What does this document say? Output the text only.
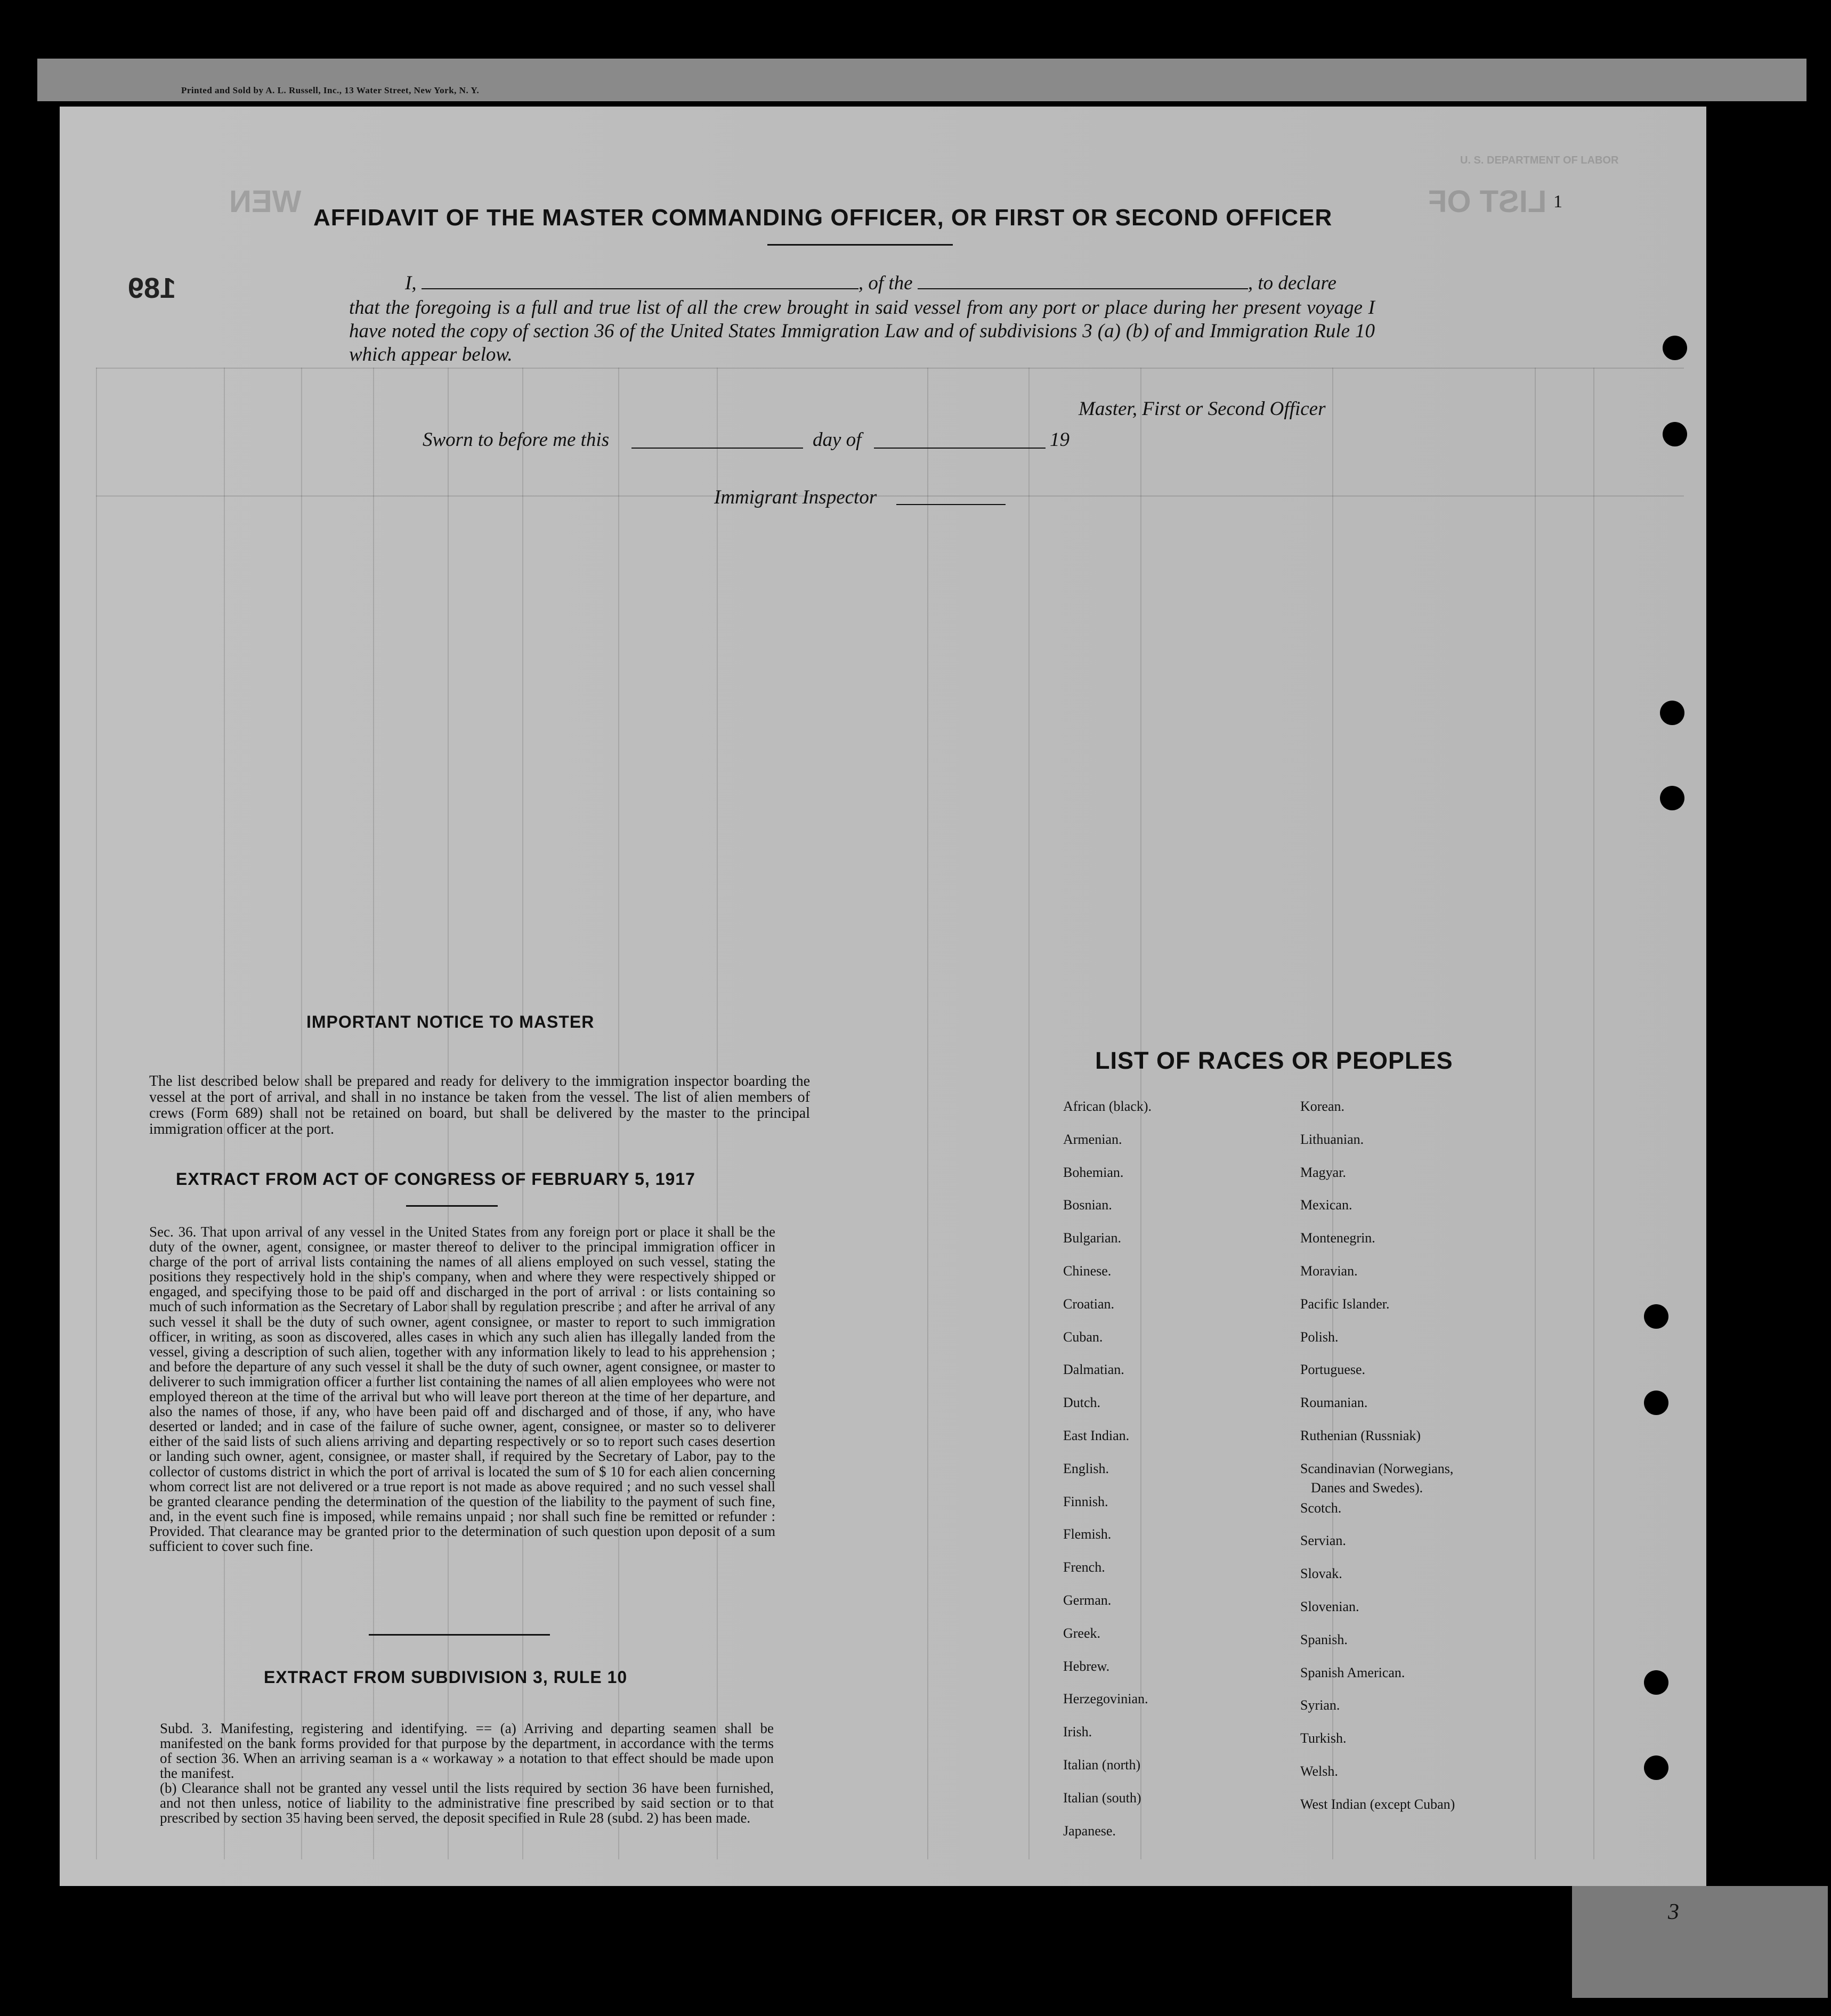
Printed and Sold by A. L. Russell, Inc., 13 Water Street, New York, N. Y.
WEN	LIST OF
U. S. DEPARTMENT OF LABOR
189
1
AFFIDAVIT OF THE MASTER COMMANDING OFFICER, OR FIRST OR SECOND OFFICER
I,	, of the	, to declare
that the foregoing is a full and true list of all the crew brought in said vessel from any port or place during her present voyage I have noted the copy of section 36 of the United States Immigration Law and of subdivisions 3 (a) (b) of and Immigration Rule 10 which appear below.
Master, First or Second Officer
Sworn to before me this	day of	19
Immigrant Inspector
IMPORTANT NOTICE TO MASTER
The list described below shall be prepared and ready for delivery to the immigration inspector boarding the vessel at the port of arrival, and shall in no instance be taken from the vessel. The list of alien members of crews (Form 689) shall not be retained on board, but shall be delivered by the master to the principal immigration officer at the port.
EXTRACT FROM ACT OF CONGRESS OF FEBRUARY 5, 1917
Sec. 36. That upon arrival of any vessel in the United States from any foreign port or place it shall be the duty of the owner, agent, consignee, or master thereof to deliver to the principal immigration officer in charge of the port of arrival lists containing the names of all aliens employed on such vessel, stating the positions they respectively hold in the ship's company, when and where they were respectively shipped or engaged, and specifying those to be paid off and discharged in the port of arrival : or lists containing so much of such information as the Secretary of Labor shall by regulation prescribe ; and after he arrival of any such vessel it shall be the duty of such owner, agent consignee, or master to report to such immigration officer, in writing, as soon as discovered, alles cases in which any such alien has illegally landed from the vessel, giving a description of such alien, together with any information likely to lead to his apprehension ; and before the departure of any such vessel it shall be the duty of such owner, agent consignee, or master to deliverer to such immigration officer a further list containing the names of all alien employees who were not employed thereon at the time of the arrival but who will leave port thereon at the time of her departure, and also the names of those, if any, who have been paid off and discharged and of those, if any, who have deserted or landed; and in case of the failure of suche owner, agent, consignee, or master so to deliverer either of the said lists of such aliens arriving and departing respectively or so to report such cases desertion or landing such owner, agent, consignee, or master shall, if required by the Secretary of Labor, pay to the collector of customs district in which the port of arrival is located the sum of $ 10 for each alien concerning whom correct list are not delivered or a true report is not made as above required ; and no such vessel shall be granted clearance pending the determination of the question of the liability to the payment of such fine, and, in the event such fine is imposed, while remains unpaid ; nor shall such fine be remitted or refunder : Provided. That clearance may be granted prior to the determination of such question upon deposit of a sum sufficient to cover such fine.
EXTRACT FROM SUBDIVISION 3, RULE 10
Subd. 3. Manifesting, registering and identifying. == (a) Arriving and departing seamen shall be manifested on the bank forms provided for that purpose by the department, in accordance with the terms of section 36. When an arriving seaman is a « workaway » a notation to that effect should be made upon the manifest.
(b) Clearance shall not be granted any vessel until the lists required by section 36 have been furnished, and not then unless, notice of liability to the administrative fine prescribed by said section or to that prescribed by section 35 having been served, the deposit specified in Rule 28 (subd. 2) has been made.
LIST OF RACES OR PEOPLES
African (black).
Armenian.
Bohemian.
Bosnian.
Bulgarian.
Chinese.
Croatian.
Cuban.
Dalmatian.
Dutch.
East Indian.
English.
Finnish.
Flemish.
French.
German.
Greek.
Hebrew.
Herzegovinian.
Irish.
Italian (north)
Italian (south)
Japanese.
Korean.
Lithuanian.
Magyar.
Mexican.
Montenegrin.
Moravian.
Pacific Islander.
Polish.
Portuguese.
Roumanian.
Ruthenian (Russniak)
Scandinavian (Norwegians,
Danes and Swedes).
Scotch.
Servian.
Slovak.
Slovenian.
Spanish.
Spanish American.
Syrian.
Turkish.
Welsh.
West Indian (except Cuban)
3
